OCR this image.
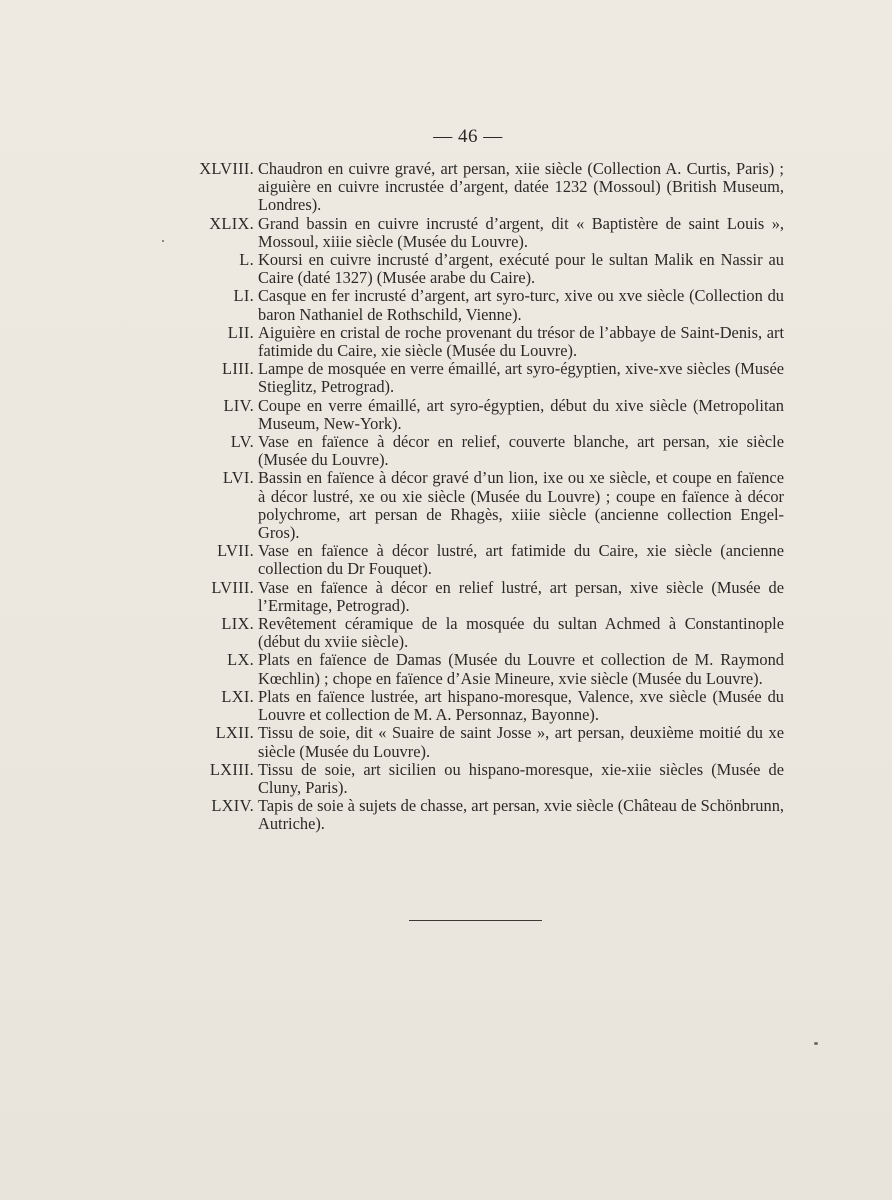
— 46 —
XLVIII. Chaudron en cuivre gravé, art persan, xiie siècle (Collection A. Curtis, Paris) ; aiguière en cuivre incrustée d’argent, datée 1232 (Mossoul) (British Museum, Londres).
XLIX. Grand bassin en cuivre incrusté d’argent, dit « Baptistère de saint Louis », Mossoul, xiiie siècle (Musée du Louvre).
L. Koursi en cuivre incrusté d’argent, exécuté pour le sultan Malik en Nassir au Caire (daté 1327) (Musée arabe du Caire).
LI. Casque en fer incrusté d’argent, art syro-turc, xive ou xve siècle (Collection du baron Nathaniel de Rothschild, Vienne).
LII. Aiguière en cristal de roche provenant du trésor de l’abbaye de Saint-Denis, art fatimide du Caire, xie siècle (Musée du Louvre).
LIII. Lampe de mosquée en verre émaillé, art syro-égyptien, xive-xve siècles (Musée Stieglitz, Petrograd).
LIV. Coupe en verre émaillé, art syro-égyptien, début du xive siècle (Metropolitan Museum, New-York).
LV. Vase en faïence à décor en relief, couverte blanche, art persan, xie siècle (Musée du Louvre).
LVI. Bassin en faïence à décor gravé d’un lion, ixe ou xe siècle, et coupe en faïence à décor lustré, xe ou xie siècle (Musée du Louvre) ; coupe en faïence à décor polychrome, art persan de Rhagès, xiiie siècle (ancienne collection Engel-Gros).
LVII. Vase en faïence à décor lustré, art fatimide du Caire, xie siècle (ancienne collection du Dr Fouquet).
LVIII. Vase en faïence à décor en relief lustré, art persan, xive siècle (Musée de l’Ermitage, Petrograd).
LIX. Revêtement céramique de la mosquée du sultan Achmed à Constantinople (début du xviie siècle).
LX. Plats en faïence de Damas (Musée du Louvre et collection de M. Raymond Kœchlin) ; chope en faïence d’Asie Mineure, xvie siècle (Musée du Louvre).
LXI. Plats en faïence lustrée, art hispano-moresque, Valence, xve siècle (Musée du Louvre et collection de M. A. Personnaz, Bayonne).
LXII. Tissu de soie, dit « Suaire de saint Josse », art persan, deuxième moitié du xe siècle (Musée du Louvre).
LXIII. Tissu de soie, art sicilien ou hispano-moresque, xie-xiie siècles (Musée de Cluny, Paris).
LXIV. Tapis de soie à sujets de chasse, art persan, xvie siècle (Château de Schönbrunn, Autriche).
